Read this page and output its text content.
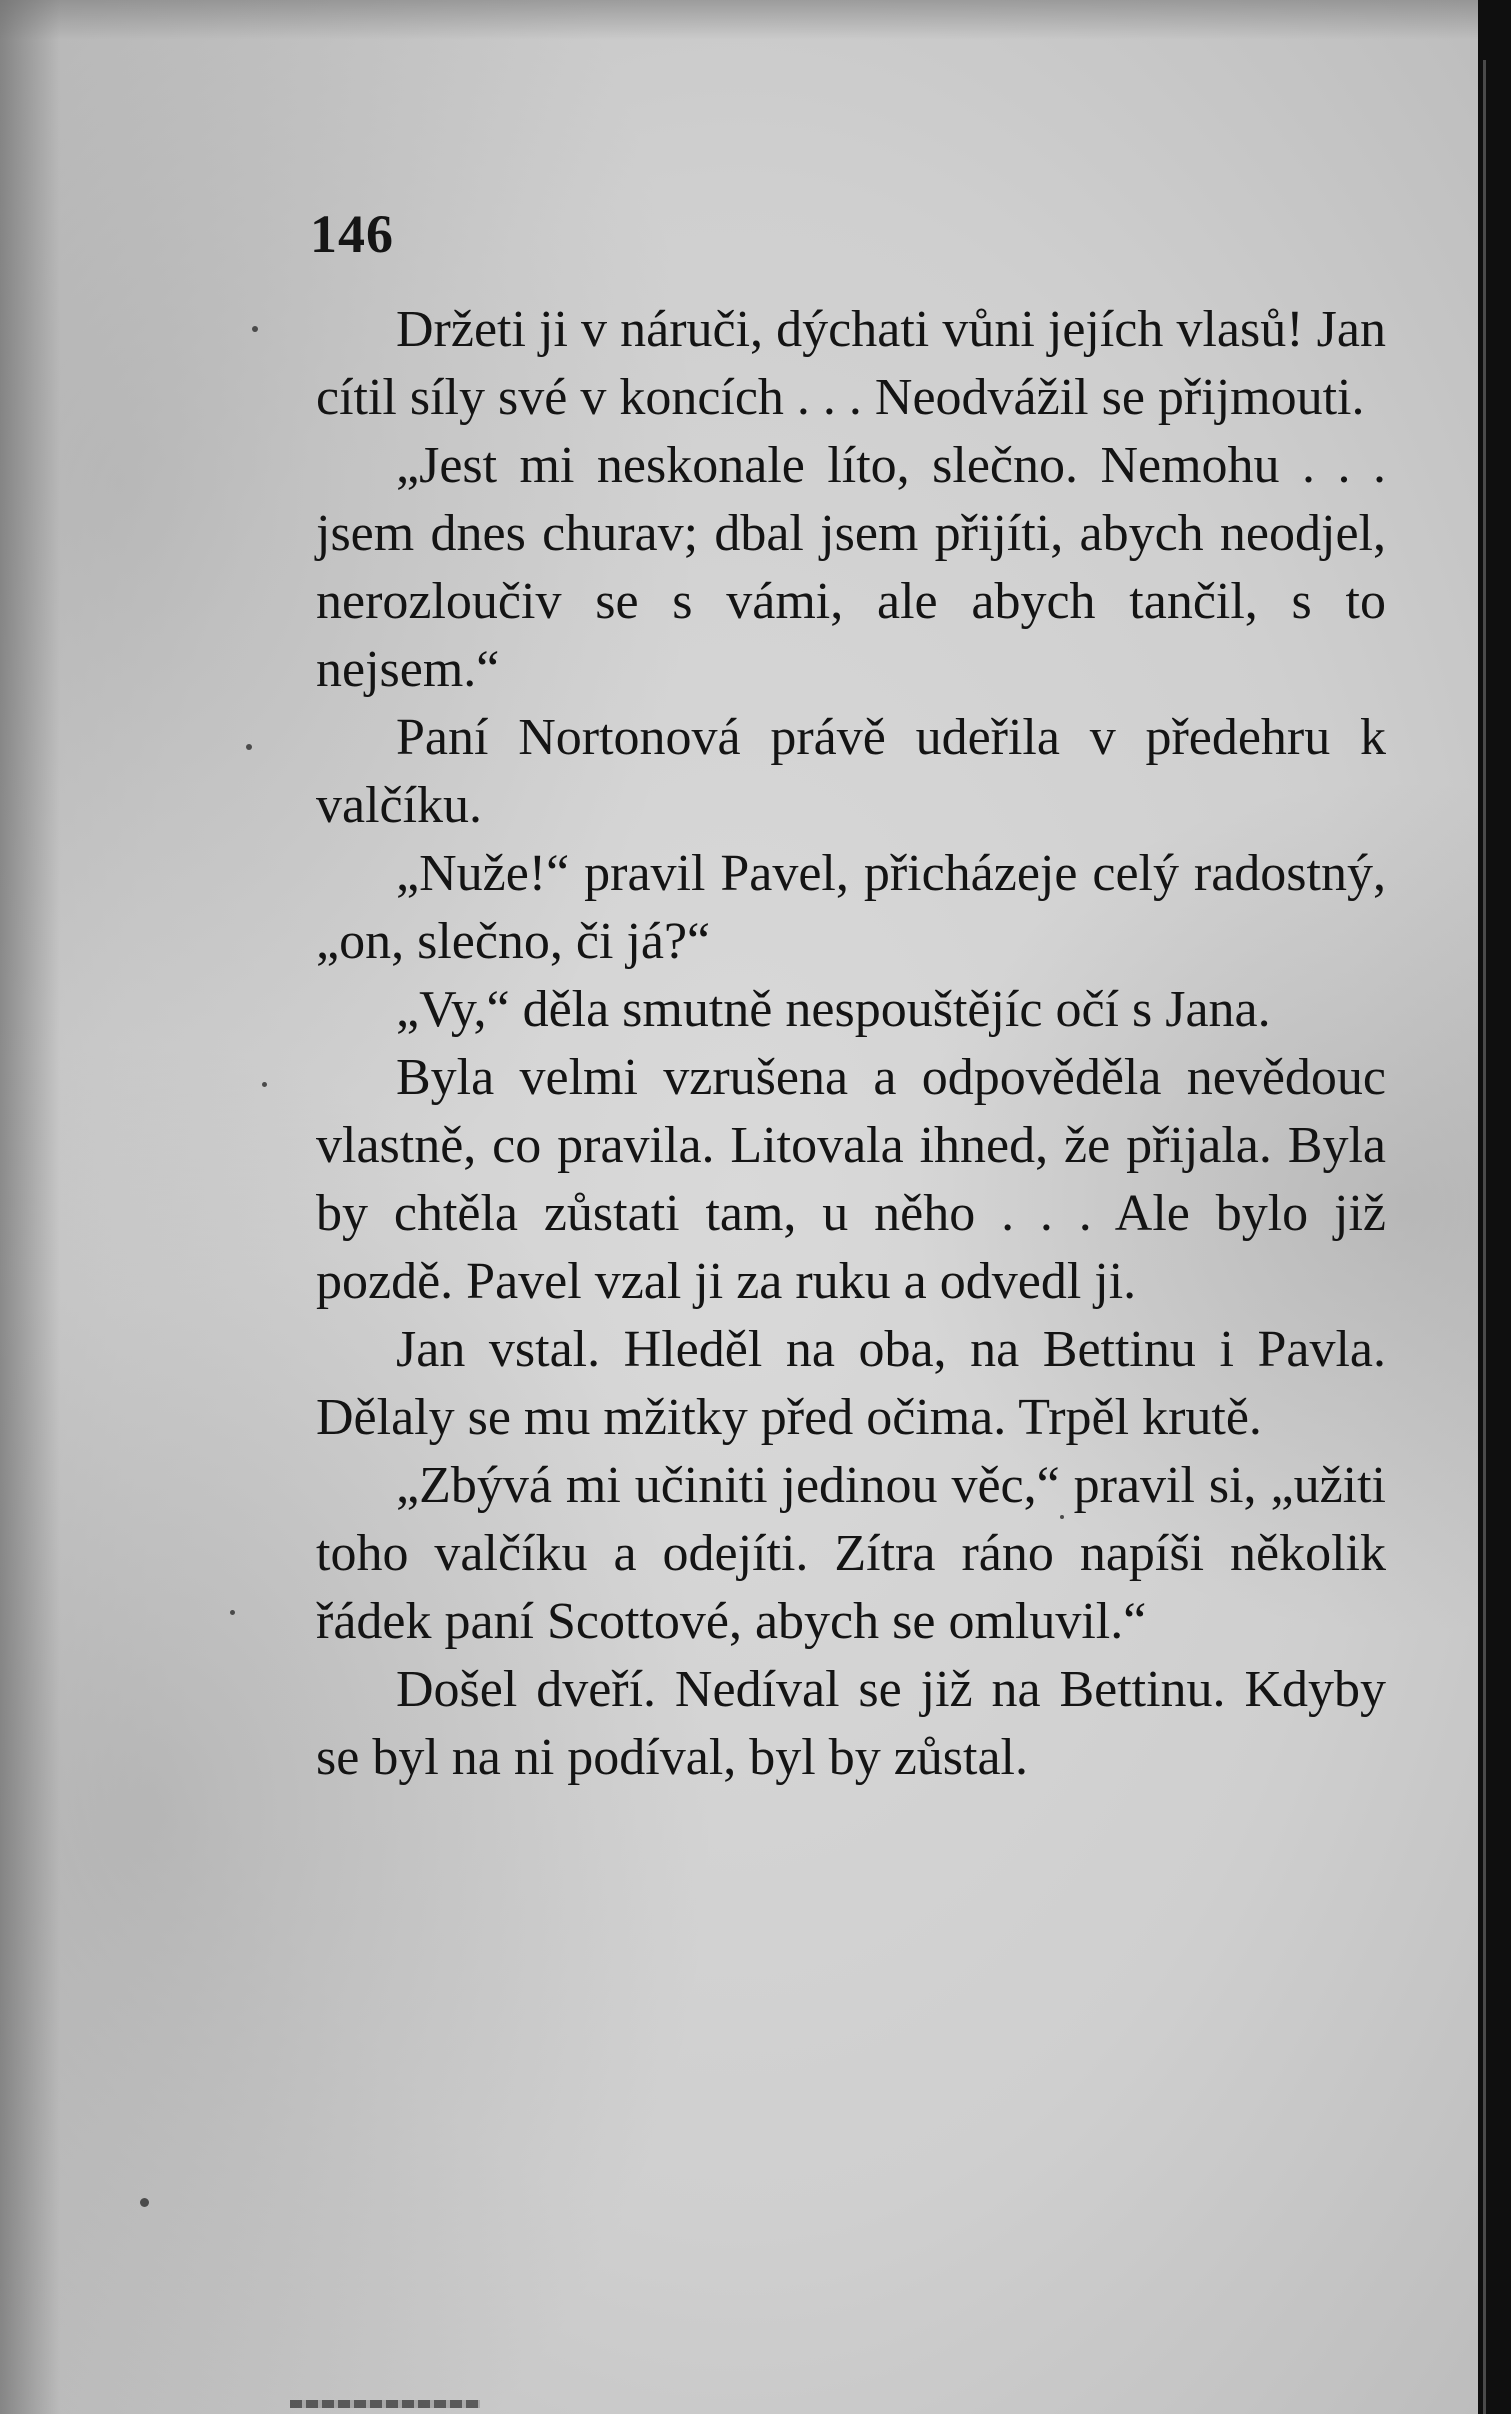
146

Držeti ji v náruči, dýchati vůni jejích vlasů! Jan cítil síly své v koncích . . . Neodvážil se přijmouti.

„Jest mi neskonale líto, slečno. Nemohu . . . jsem dnes churav; dbal jsem přijíti, abych neodjel, nerozloučiv se s vámi, ale abych tančil, s to nejsem.“

Paní Nortonová právě udeřila v předehru k valčíku.

„Nuže!“ pravil Pavel, přicházeje celý radostný, „on, slečno, či já?“

„Vy,“ děla smutně nespouštějíc očí s Jana.

Byla velmi vzrušena a odpověděla nevědouc vlastně, co pravila. Litovala ihned, že přijala. Byla by chtěla zůstati tam, u něho . . . Ale bylo již pozdě. Pavel vzal ji za ruku a odvedl ji.

Jan vstal. Hleděl na oba, na Bettinu i Pavla. Dělaly se mu mžitky před očima. Trpěl krutě.

„Zbývá mi učiniti jedinou věc,“ pravil si, „užiti toho valčíku a odejíti. Zítra ráno napíši několik řádek paní Scottové, abych se omluvil.“

Došel dveří. Nedíval se již na Bettinu. Kdyby se byl na ni podíval, byl by zůstal.
